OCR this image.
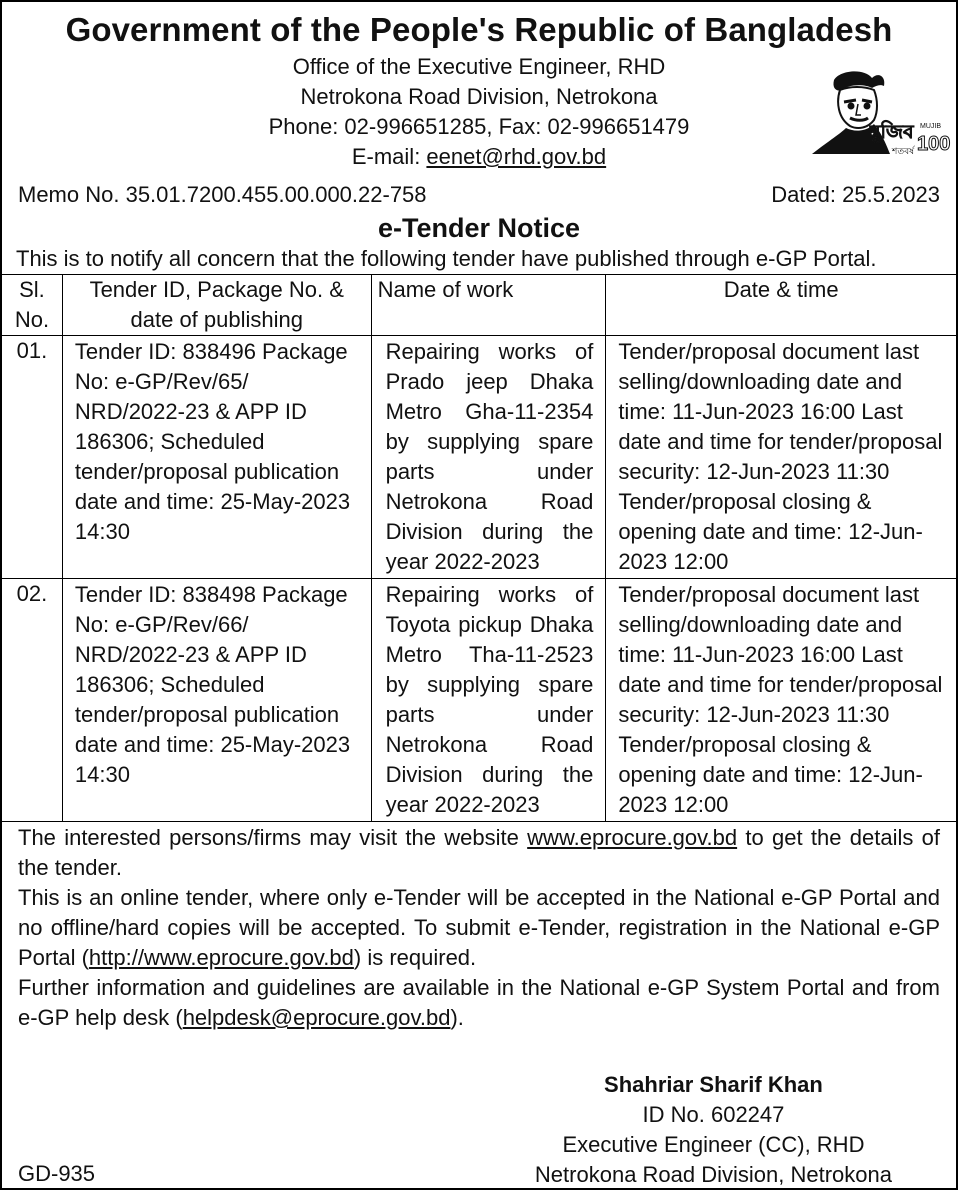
Government of the People's Republic of Bangladesh
Office of the Executive Engineer, RHD
Netrokona Road Division, Netrokona
Phone: 02-996651285, Fax: 02-996651479
E-mail: eenet@rhd.gov.bd
মুজিব
শতবর্ষ
MUJIB
100
Memo No. 35.01.7200.455.00.000.22-758	Dated: 25.5.2023
e-Tender Notice
This is to notify all concern that the following tender have published through e-GP Portal.
Sl. No.	Tender ID, Package No. & date of publishing	Name of work	Date & time
01.	Tender ID: 838496 Package No: e-GP/Rev/65/ NRD/2022-23 & APP ID 186306; Scheduled tender/proposal publication date and time: 25-May-2023 14:30	Repairing works of Prado jeep Dhaka Metro Gha-11-2354 by supplying spare parts under Netrokona Road Division during the year 2022-2023	Tender/proposal document last selling/downloading date and time: 11-Jun-2023 16:00 Last date and time for tender/proposal security: 12-Jun-2023 11:30 Tender/proposal closing & opening date and time: 12-Jun-2023 12:00
02.	Tender ID: 838498 Package No: e-GP/Rev/66/ NRD/2022-23 & APP ID 186306; Scheduled tender/proposal publication date and time: 25-May-2023 14:30	Repairing works of Toyota pickup Dhaka Metro Tha-11-2523 by supplying spare parts under Netrokona Road Division during the year 2022-2023	Tender/proposal document last selling/downloading date and time: 11-Jun-2023 16:00 Last date and time for tender/proposal security: 12-Jun-2023 11:30 Tender/proposal closing & opening date and time: 12-Jun-2023 12:00
The interested persons/firms may visit the website www.eprocure.gov.bd to get the details of the tender.
This is an online tender, where only e-Tender will be accepted in the National e-GP Portal and no offline/hard copies will be accepted. To submit e-Tender, registration in the National e-GP Portal (http://www.eprocure.gov.bd) is required.
Further information and guidelines are available in the National e-GP System Portal and from e-GP help desk (helpdesk@eprocure.gov.bd).
Shahriar Sharif Khan
ID No. 602247
Executive Engineer (CC), RHD
Netrokona Road Division, Netrokona
GD-935
